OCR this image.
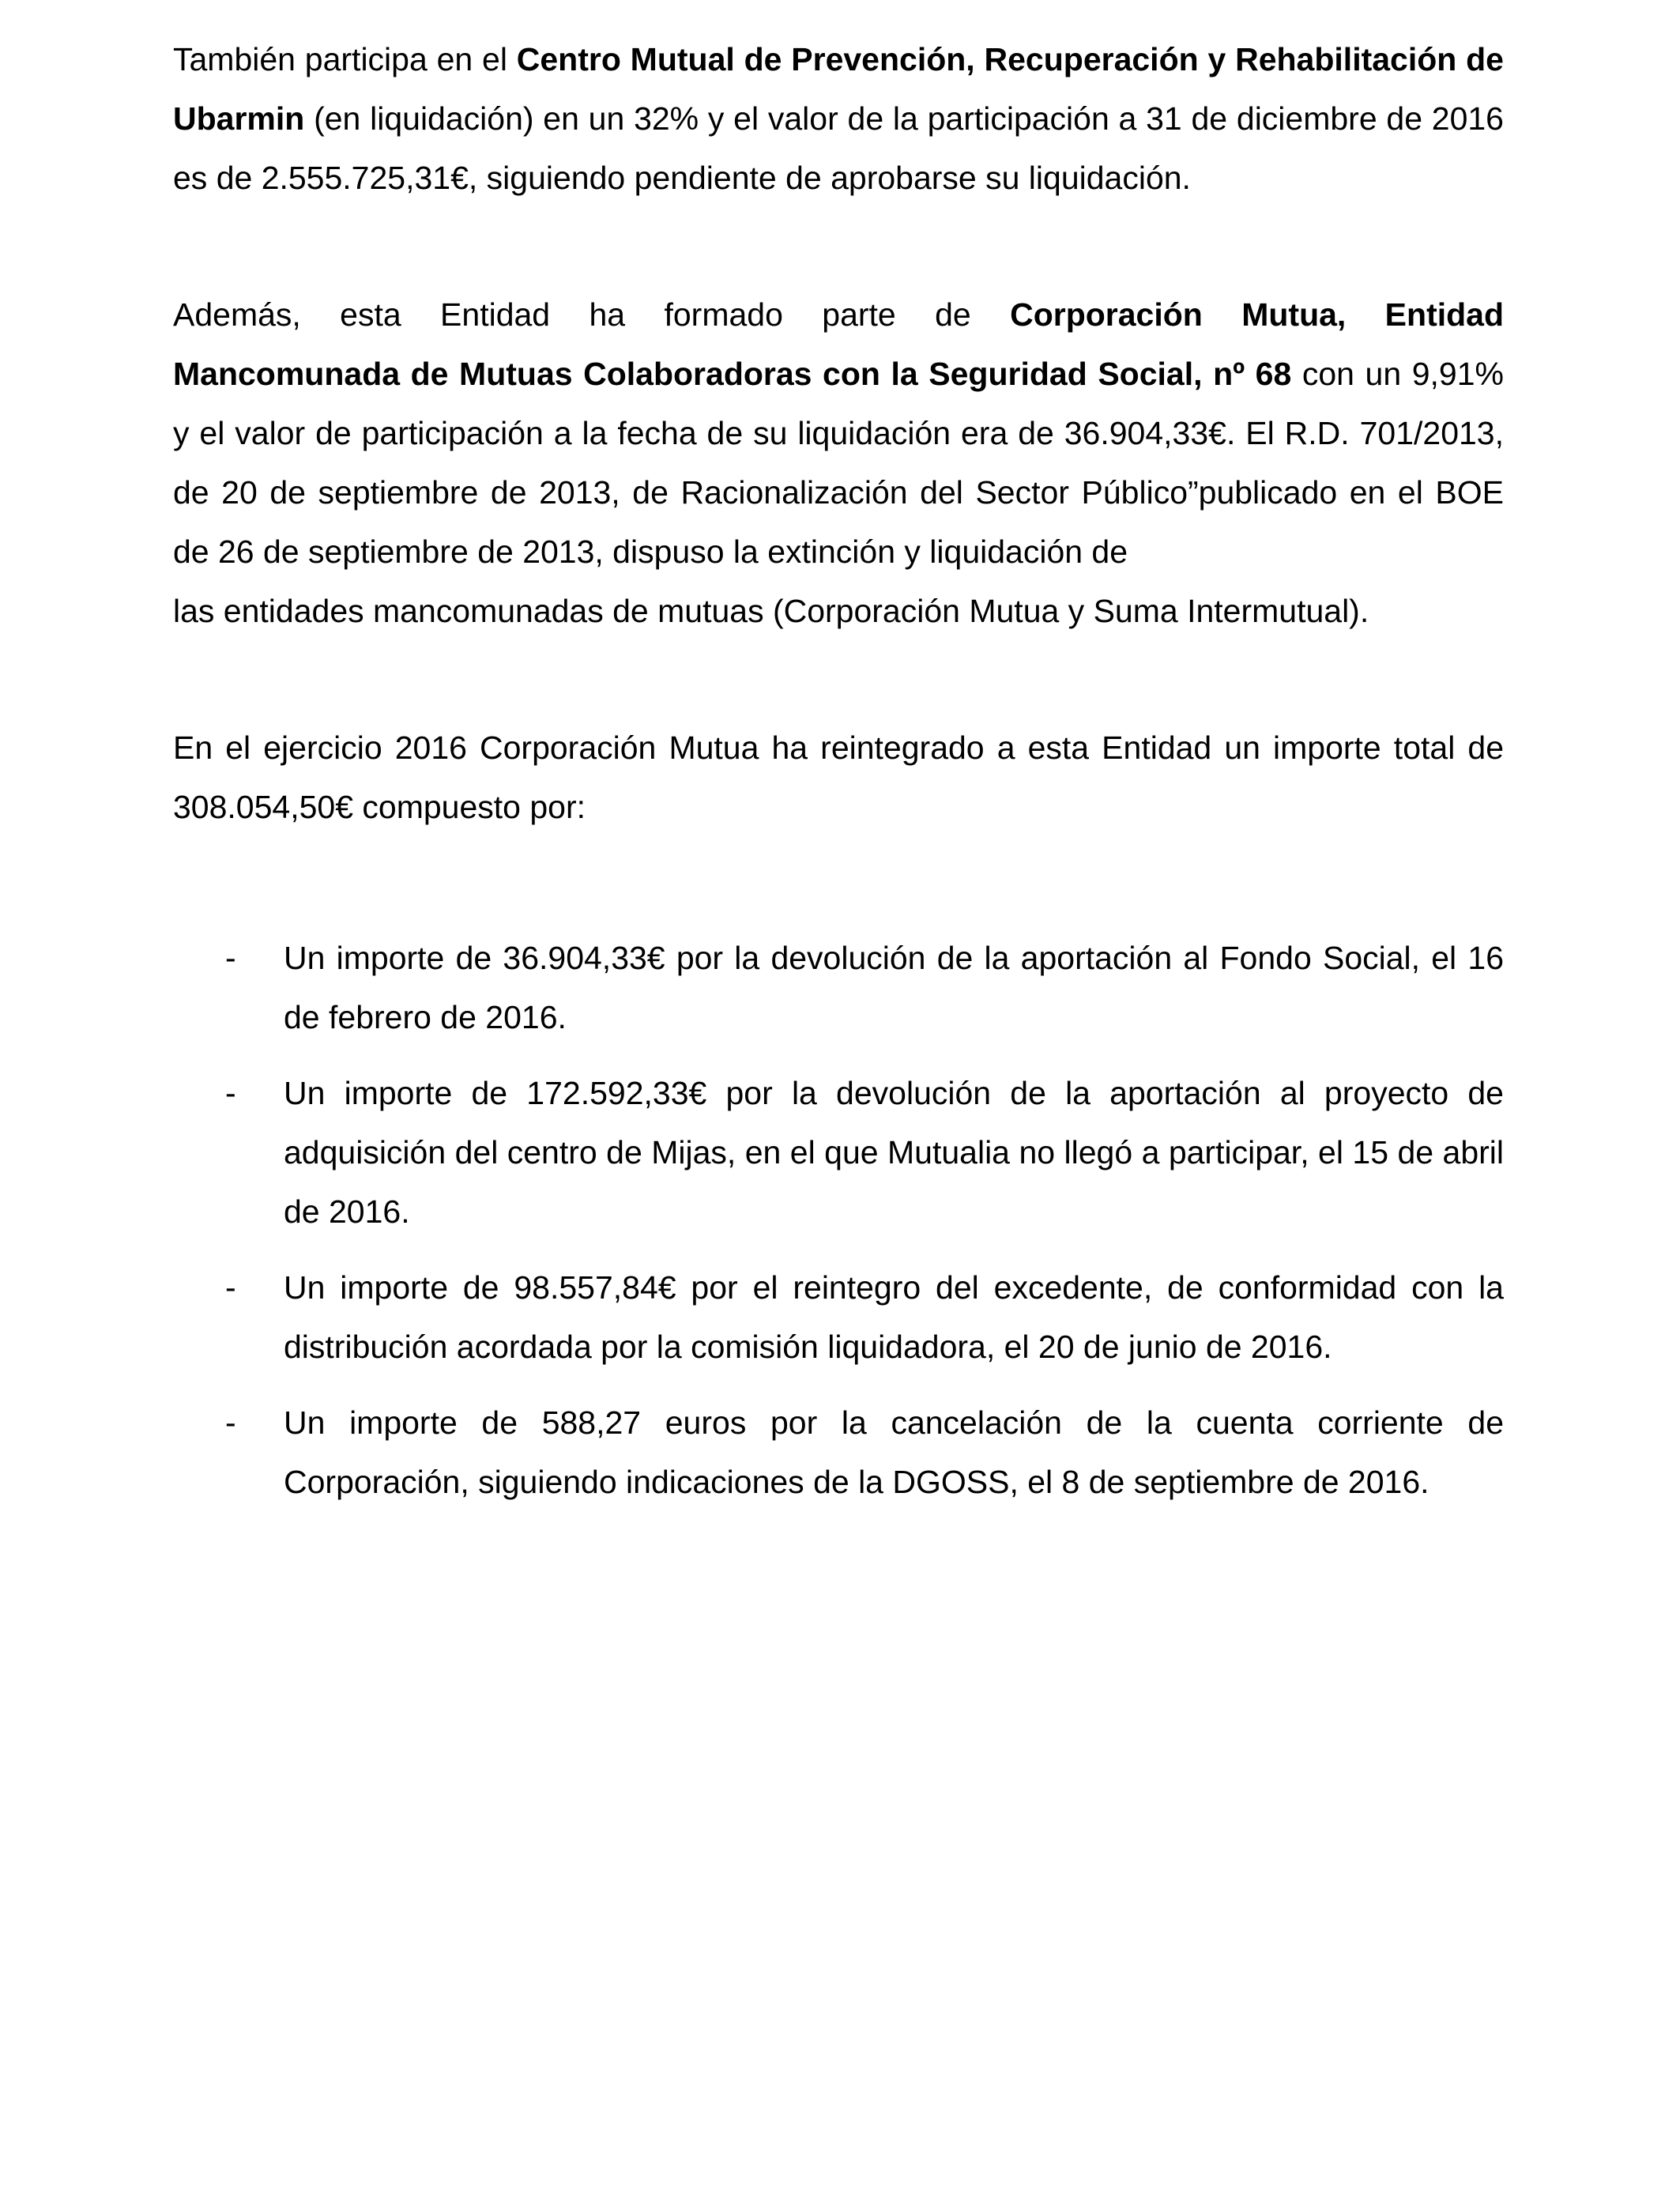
También participa en el Centro Mutual de Prevención, Recuperación y Rehabilitación de Ubarmin (en liquidación) en un 32% y el valor de la participación a 31 de diciembre de 2016 es de 2.555.725,31€, siguiendo pendiente de aprobarse su liquidación.

Además, esta Entidad ha formado parte de Corporación Mutua, Entidad
Mancomunada de Mutuas Colaboradoras con la Seguridad Social, nº 68 con un 9,91% y el valor de participación a la fecha de su liquidación era de 36.904,33€. El R.D. 701/2013, de 20 de septiembre de 2013, de Racionalización del Sector Público”publicado en el BOE de 26 de septiembre de 2013, dispuso la extinción y liquidación de
las entidades mancomunadas de mutuas (Corporación Mutua y Suma Intermutual).

En el ejercicio 2016 Corporación Mutua ha reintegrado a esta Entidad un importe total de 308.054,50€ compuesto por:

- Un importe de 36.904,33€ por la devolución de la aportación al Fondo Social, el 16 de febrero de 2016.
- Un importe de 172.592,33€ por la devolución de la aportación al proyecto de adquisición del centro de Mijas, en el que Mutualia no llegó a participar, el 15 de abril de 2016.
- Un importe de 98.557,84€ por el reintegro del excedente, de conformidad con la distribución acordada por la comisión liquidadora, el 20 de junio de 2016.
- Un importe de 588,27 euros por la cancelación de la cuenta corriente de Corporación, siguiendo indicaciones de la DGOSS, el 8 de septiembre de 2016.
